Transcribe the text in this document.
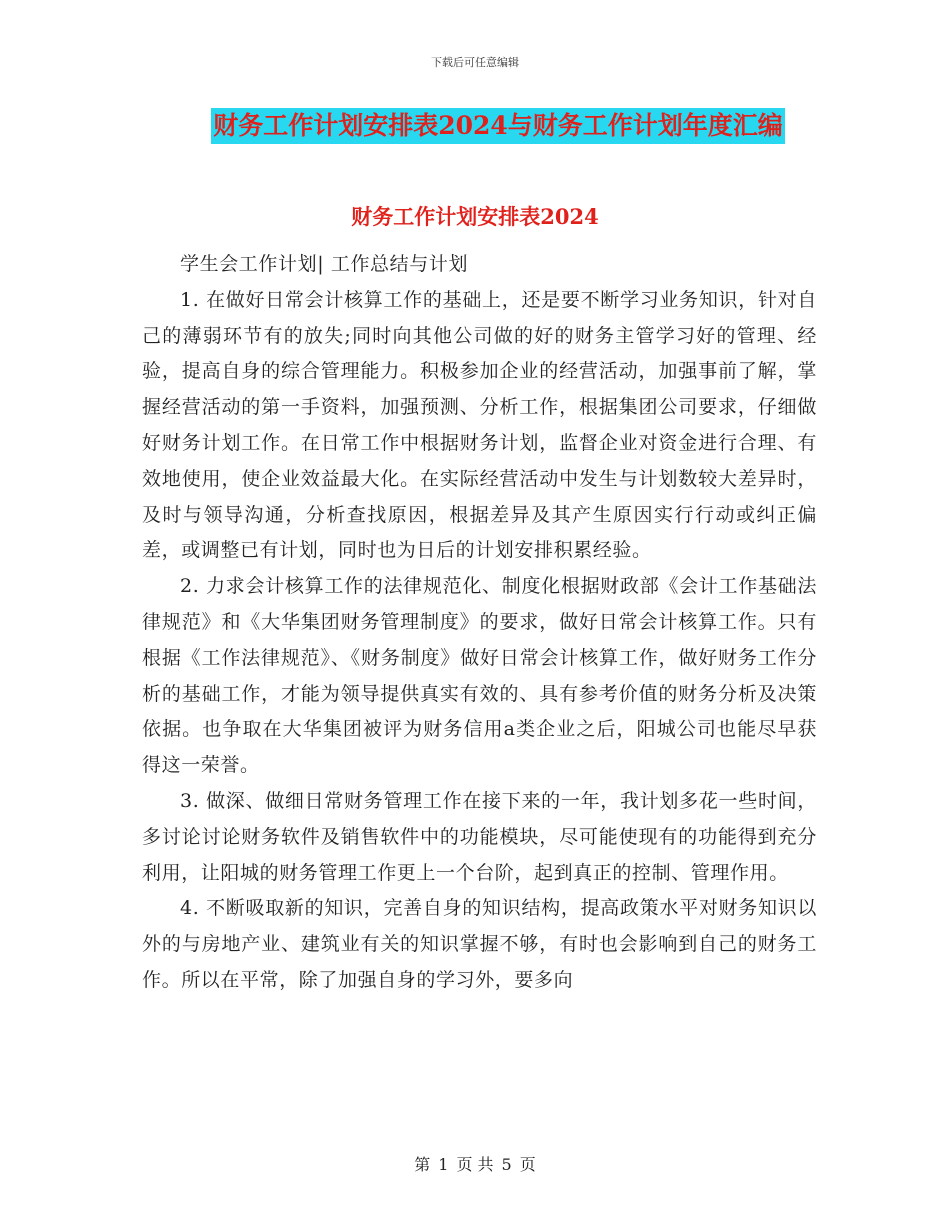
下载后可任意编辑
财务工作计划安排表2024与财务工作计划年度汇编
财务工作计划安排表2024

学生会工作计划| 工作总结与计划

1. 在做好日常会计核算工作的基础上，还是要不断学习业务知识，针对自己的薄弱环节有的放失;同时向其他公司做的好的财务主管学习好的管理、经验，提高自身的综合管理能力。积极参加企业的经营活动，加强事前了解，掌握经营活动的第一手资料，加强预测、分析工作，根据集团公司要求，仔细做好财务计划工作。在日常工作中根据财务计划，监督企业对资金进行合理、有效地使用，使企业效益最大化。在实际经营活动中发生与计划数较大差异时，及时与领导沟通，分析查找原因，根据差异及其产生原因实行行动或纠正偏差，或调整已有计划，同时也为日后的计划安排积累经验。

2. 力求会计核算工作的法律规范化、制度化根据财政部《会计工作基础法律规范》和《大华集团财务管理制度》的要求，做好日常会计核算工作。只有根据《工作法律规范》、《财务制度》做好日常会计核算工作，做好财务工作分析的基础工作，才能为领导提供真实有效的、具有参考价值的财务分析及决策依据。也争取在大华集团被评为财务信用a类企业之后，阳城公司也能尽早获得这一荣誉。

3. 做深、做细日常财务管理工作在接下来的一年，我计划多花一些时间，多讨论讨论财务软件及销售软件中的功能模块，尽可能使现有的功能得到充分利用，让阳城的财务管理工作更上一个台阶，起到真正的控制、管理作用。

4. 不断吸取新的知识，完善自身的知识结构，提高政策水平对财务知识以外的与房地产业、建筑业有关的知识掌握不够，有时也会影响到自己的财务工作。所以在平常，除了加强自身的学习外，要多向

第 1 页 共 5 页
